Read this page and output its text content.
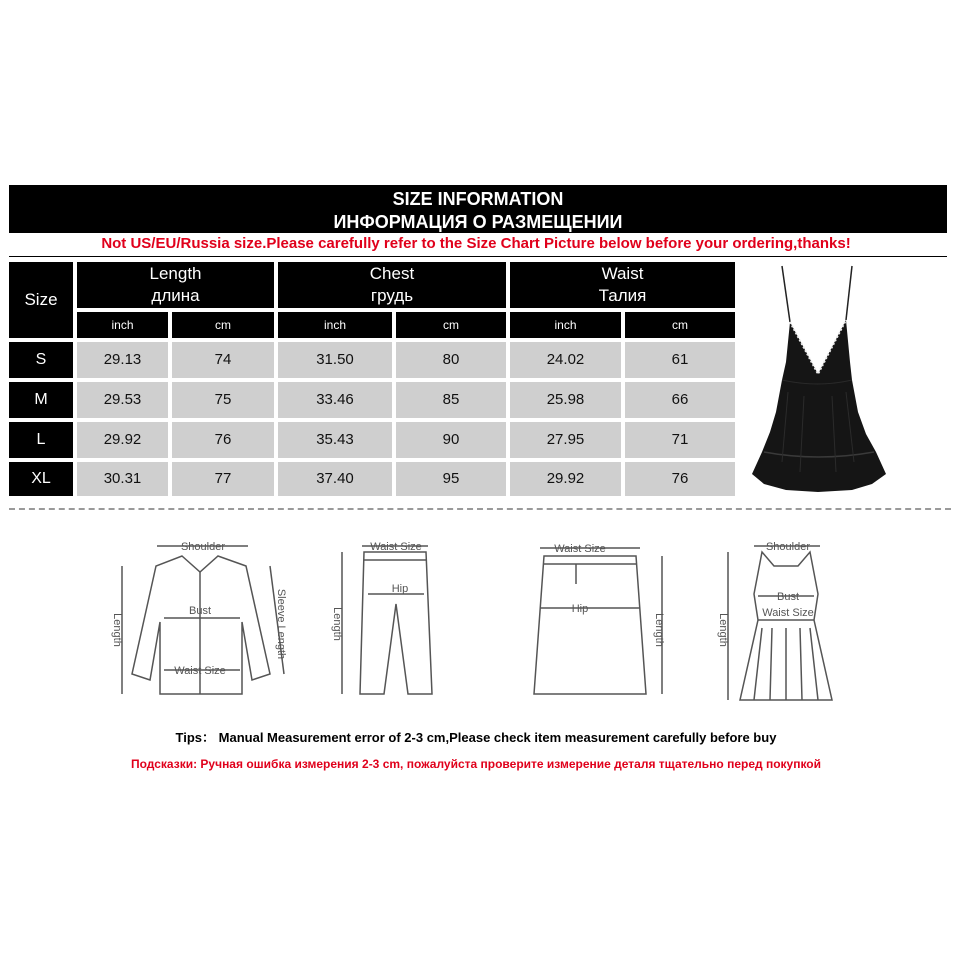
SIZE INFORMATION
ИНФОРМАЦИЯ О РАЗМЕЩЕНИИ
Not US/EU/Russia size.Please carefully refer to the Size Chart Picture below before your ordering,thanks!
Size
Length
длина
Chest
грудь
Waist
Талия
inch	cm	inch	cm	inch	cm
S	29.13	74	31.50	80	24.02	61
M	29.53	75	33.46	85	25.98	66
L	29.92	76	35.43	90	27.95	71
XL	30.31	77	37.40	95	29.92	76
Shoulder
Bust
Waist Size
Sleeve Length
Length
Waist Size
Hip
Length
Waist Size
Hip
Length
Shoulder
Bust
Waist Size
Length
Tips： Manual Measurement error of 2-3 cm,Please check item measurement carefully before buy
Подсказки: Ручная ошибка измерения 2-3 cm, пожалуйста проверите измерение деталя тщательно перед покупкой
